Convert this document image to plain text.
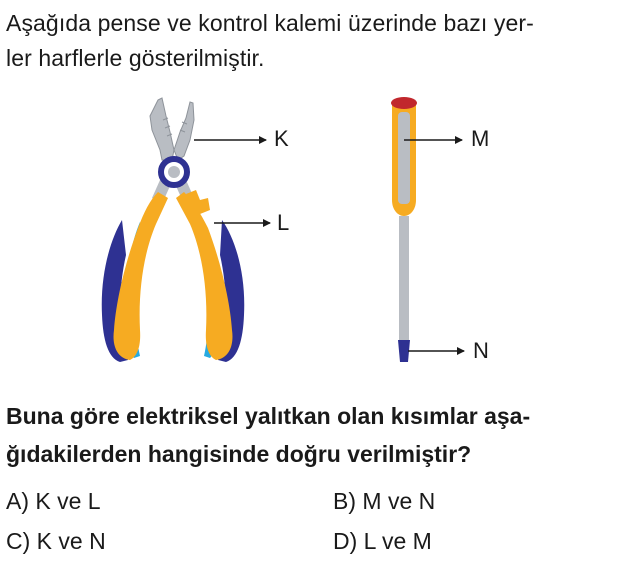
Aşağıda pense ve kontrol kalemi üzerinde bazı yer-
ler harflerle gösterilmiştir.
K
L
M
N
Buna göre elektriksel yalıtkan olan kısımlar aşa-
ğıdakilerden hangisinde doğru verilmiştir?
A) K ve L	B) M ve N
C) K ve N	D) L ve M
